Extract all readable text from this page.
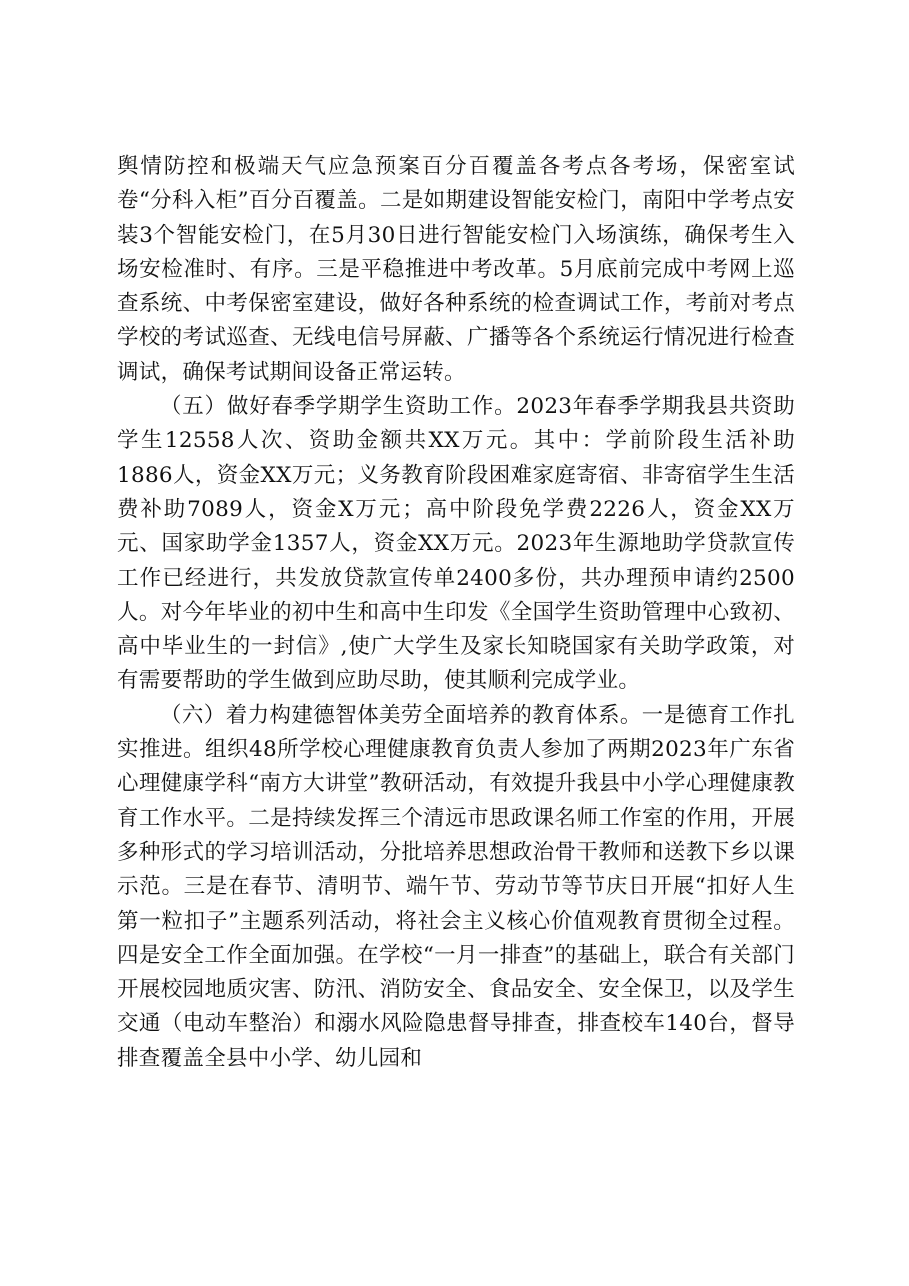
舆情防控和极端天气应急预案百分百覆盖各考点各考场，保密室试卷“分科入柜”百分百覆盖。二是如期建设智能安检门，南阳中学考点安装3个智能安检门，在5月30日进行智能安检门入场演练，确保考生入场安检准时、有序。三是平稳推进中考改革。5月底前完成中考网上巡查系统、中考保密室建设，做好各种系统的检查调试工作，考前对考点学校的考试巡查、无线电信号屏蔽、广播等各个系统运行情况进行检查调试，确保考试期间设备正常运转。

（五）做好春季学期学生资助工作。2023年春季学期我县共资助学生12558人次、资助金额共XX万元。其中：学前阶段生活补助1886人，资金XX万元；义务教育阶段困难家庭寄宿、非寄宿学生生活费补助7089人，资金X万元；高中阶段免学费2226人，资金XX万元、国家助学金1357人，资金XX万元。2023年生源地助学贷款宣传工作已经进行，共发放贷款宣传单2400多份，共办理预申请约2500人。对今年毕业的初中生和高中生印发《全国学生资助管理中心致初、高中毕业生的一封信》,使广大学生及家长知晓国家有关助学政策，对有需要帮助的学生做到应助尽助，使其顺利完成学业。

（六）着力构建德智体美劳全面培养的教育体系。一是德育工作扎实推进。组织48所学校心理健康教育负责人参加了两期2023年广东省心理健康学科“南方大讲堂”教研活动，有效提升我县中小学心理健康教育工作水平。二是持续发挥三个清远市思政课名师工作室的作用，开展多种形式的学习培训活动，分批培养思想政治骨干教师和送教下乡以课示范。三是在春节、清明节、端午节、劳动节等节庆日开展“扣好人生第一粒扣子”主题系列活动，将社会主义核心价值观教育贯彻全过程。四是安全工作全面加强。在学校“一月一排查”的基础上，联合有关部门开展校园地质灾害、防汛、消防安全、食品安全、安全保卫，以及学生交通（电动车整治）和溺水风险隐患督导排查，排查校车140台，督导排查覆盖全县中小学、幼儿园和
